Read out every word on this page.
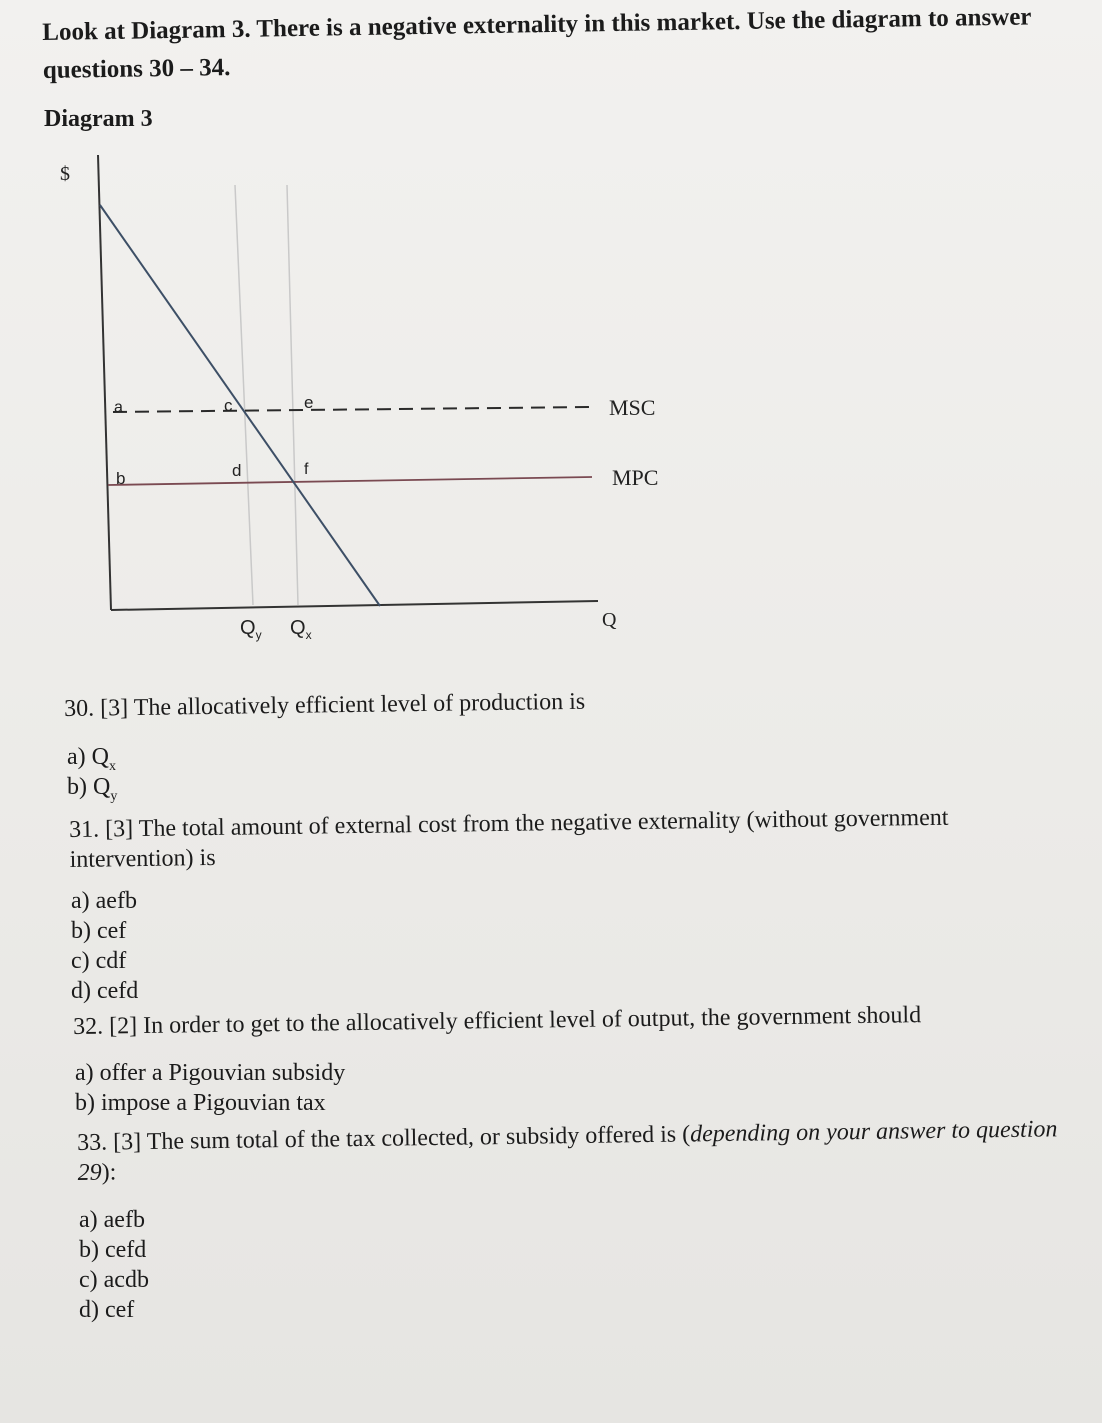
Look at Diagram 3. There is a negative externality in this market. Use the diagram to answer questions 30 – 34.
Diagram 3
$
Q
MSC
MPC
a
b
c
d
e
f
$Q_y$ $Q_x$
30. [3] The allocatively efficient level of production is
a) $Q_x$
b) $Q_y$
31. [3] The total amount of external cost from the negative externality (without government intervention) is
a) aefb
b) cef
c) cdf
d) cefd
32. [2] In order to get to the allocatively efficient level of output, the government should
a) offer a Pigouvian subsidy
b) impose a Pigouvian tax
33. [3] The sum total of the tax collected, or subsidy offered is (depending on your answer to question 29):
a) aefb
b) cefd
c) acdb
d) cef
